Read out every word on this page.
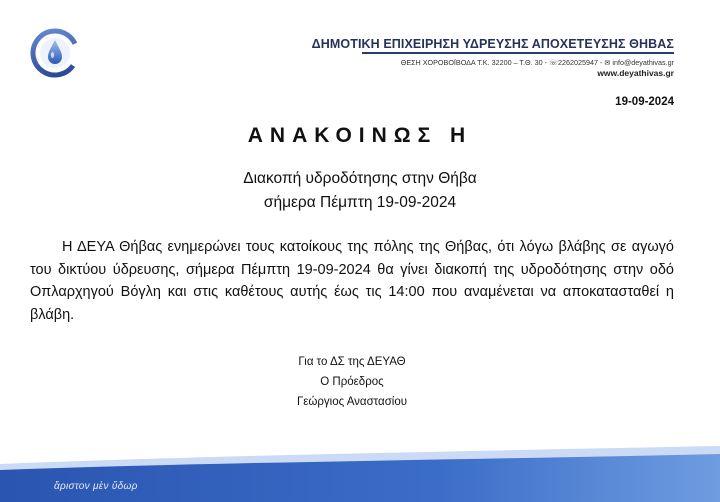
ΔΗΜΟΤΙΚΗ ΕΠΙΧΕΙΡΗΣΗ ΥΔΡΕΥΣΗΣ ΑΠΟΧΕΤΕΥΣΗΣ ΘΗΒΑΣ
ΘΕΣΗ ΧΟΡΟΒΟΪΒΟΔΑ Τ.Κ. 32200 – Τ.Θ. 30 - ☏2262025947 - ✉ info@deyathivas.gr
www.deyathivas.gr
19-09-2024
ΑΝΑΚΟΙΝΩΣ Η
Διακοπή υδροδότησης στην Θήβα
σήμερα Πέμπτη 19-09-2024

Η ΔΕΥΑ Θήβας ενημερώνει τους κατοίκους της πόλης της Θήβας, ότι λόγω βλάβης σε αγωγό του δικτύου ύδρευσης, σήμερα Πέμπτη 19-09-2024 θα γίνει διακοπή της υδροδότησης στην οδό Οπλαρχηγού Βόγλη και στις καθέτους αυτής έως τις 14:00 που αναμένεται να αποκατασταθεί η βλάβη.

Για το ΔΣ της ΔΕΥΑΘ
Ο Πρόεδρος
Γεώργιος Αναστασίου
ἄριστον μὲν ὕδωρ
